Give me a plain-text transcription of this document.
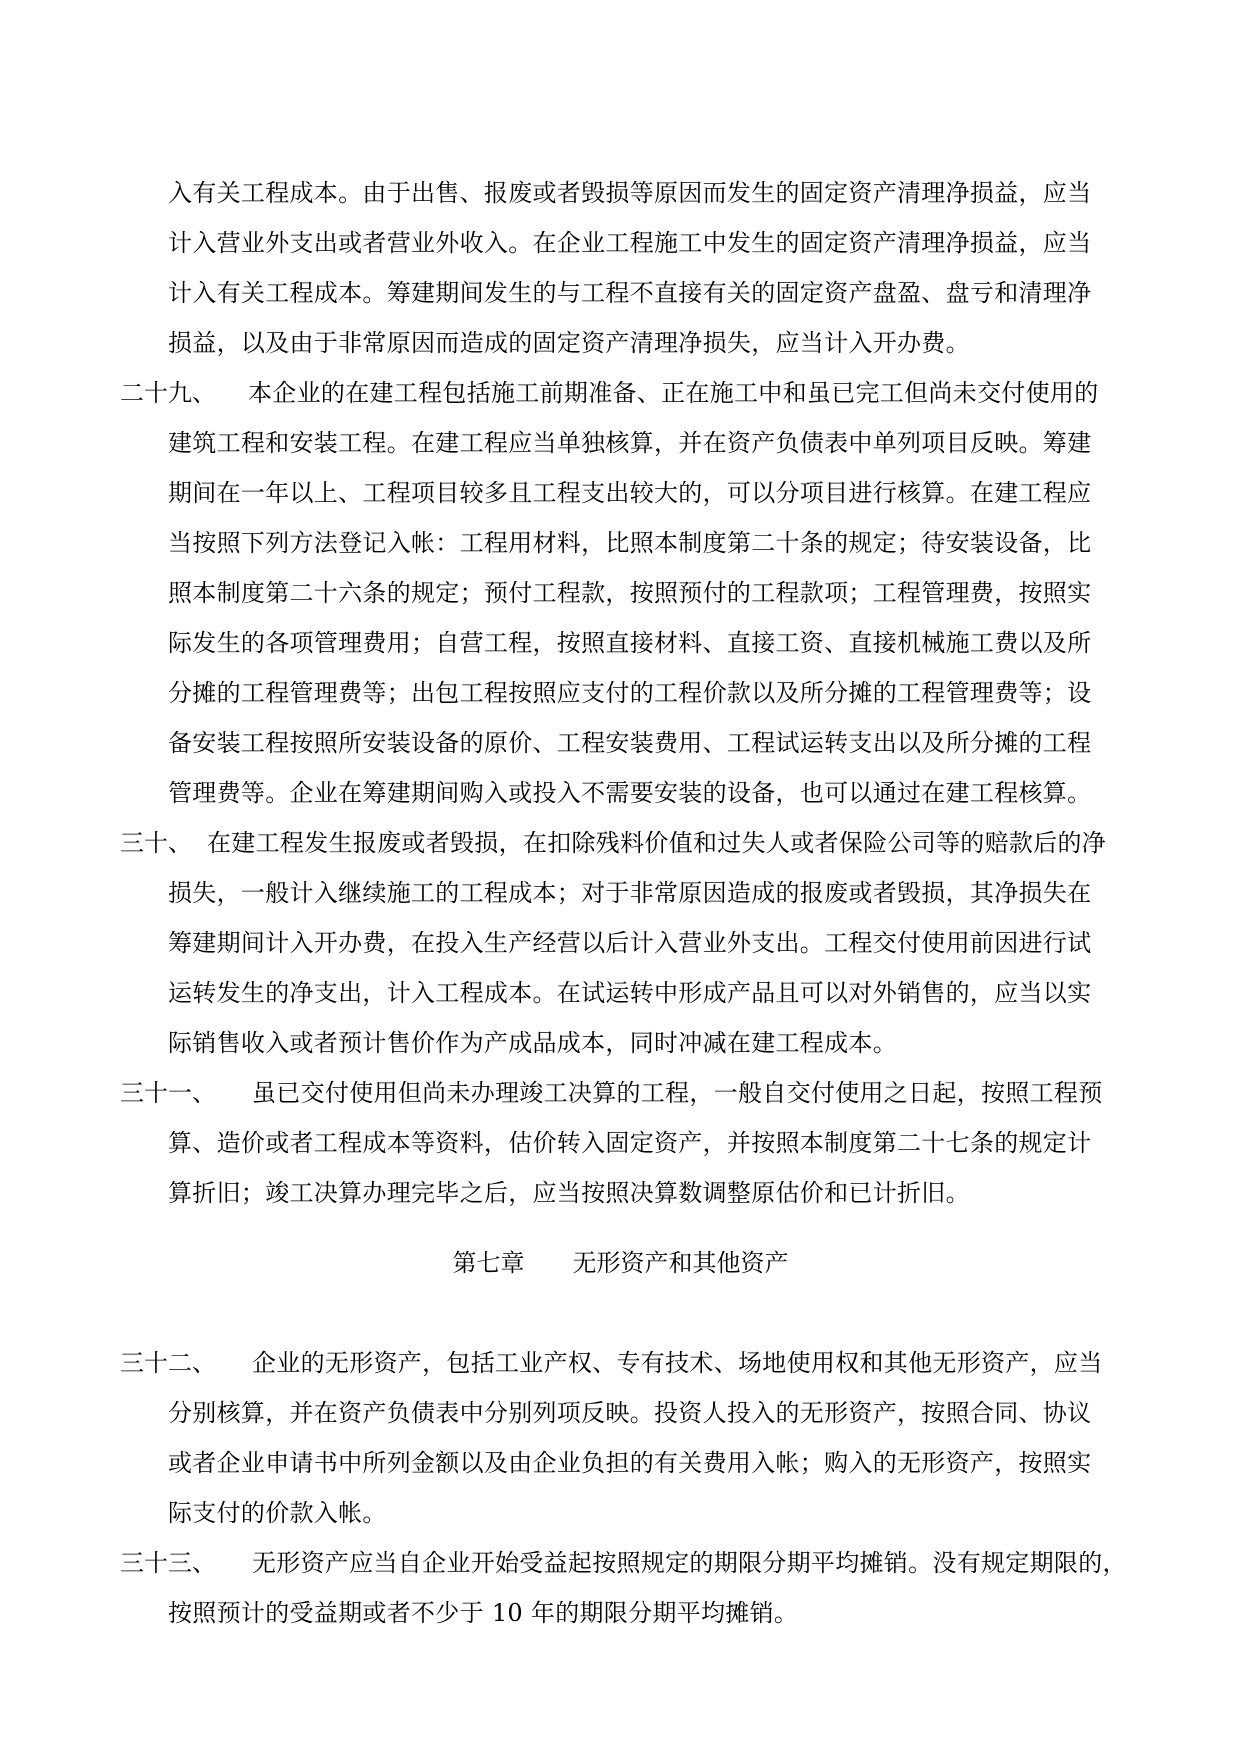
入有关工程成本。由于出售、报废或者毁损等原因而发生的固定资产清理净损益，应当
计入营业外支出或者营业外收入。在企业工程施工中发生的固定资产清理净损益，应当
计入有关工程成本。筹建期间发生的与工程不直接有关的固定资产盘盈、盘亏和清理净
损益，以及由于非常原因而造成的固定资产清理净损失，应当计入开办费。
二十九、 本企业的在建工程包括施工前期准备、正在施工中和虽已完工但尚未交付使用的
建筑工程和安装工程。在建工程应当单独核算，并在资产负债表中单列项目反映。筹建
期间在一年以上、工程项目较多且工程支出较大的，可以分项目进行核算。在建工程应
当按照下列方法登记入帐：工程用材料，比照本制度第二十条的规定；待安装设备，比
照本制度第二十六条的规定；预付工程款，按照预付的工程款项；工程管理费，按照实
际发生的各项管理费用；自营工程，按照直接材料、直接工资、直接机械施工费以及所
分摊的工程管理费等；出包工程按照应支付的工程价款以及所分摊的工程管理费等；设
备安装工程按照所安装设备的原价、工程安装费用、工程试运转支出以及所分摊的工程
管理费等。企业在筹建期间购入或投入不需要安装的设备，也可以通过在建工程核算。
三十、 在建工程发生报废或者毁损，在扣除残料价值和过失人或者保险公司等的赔款后的净
损失，一般计入继续施工的工程成本；对于非常原因造成的报废或者毁损，其净损失在
筹建期间计入开办费，在投入生产经营以后计入营业外支出。工程交付使用前因进行试
运转发生的净支出，计入工程成本。在试运转中形成产品且可以对外销售的，应当以实
际销售收入或者预计售价作为产成品成本，同时冲减在建工程成本。
三十一、 虽已交付使用但尚未办理竣工决算的工程，一般自交付使用之日起，按照工程预
算、造价或者工程成本等资料，估价转入固定资产，并按照本制度第二十七条的规定计
算折旧；竣工决算办理完毕之后，应当按照决算数调整原估价和已计折旧。
第七章 无形资产和其他资产
三十二、 企业的无形资产，包括工业产权、专有技术、场地使用权和其他无形资产，应当
分别核算，并在资产负债表中分别列项反映。投资人投入的无形资产，按照合同、协议
或者企业申请书中所列金额以及由企业负担的有关费用入帐；购入的无形资产，按照实
际支付的价款入帐。
三十三、 无形资产应当自企业开始受益起按照规定的期限分期平均摊销。没有规定期限的，
按照预计的受益期或者不少于 10 年的期限分期平均摊销。
